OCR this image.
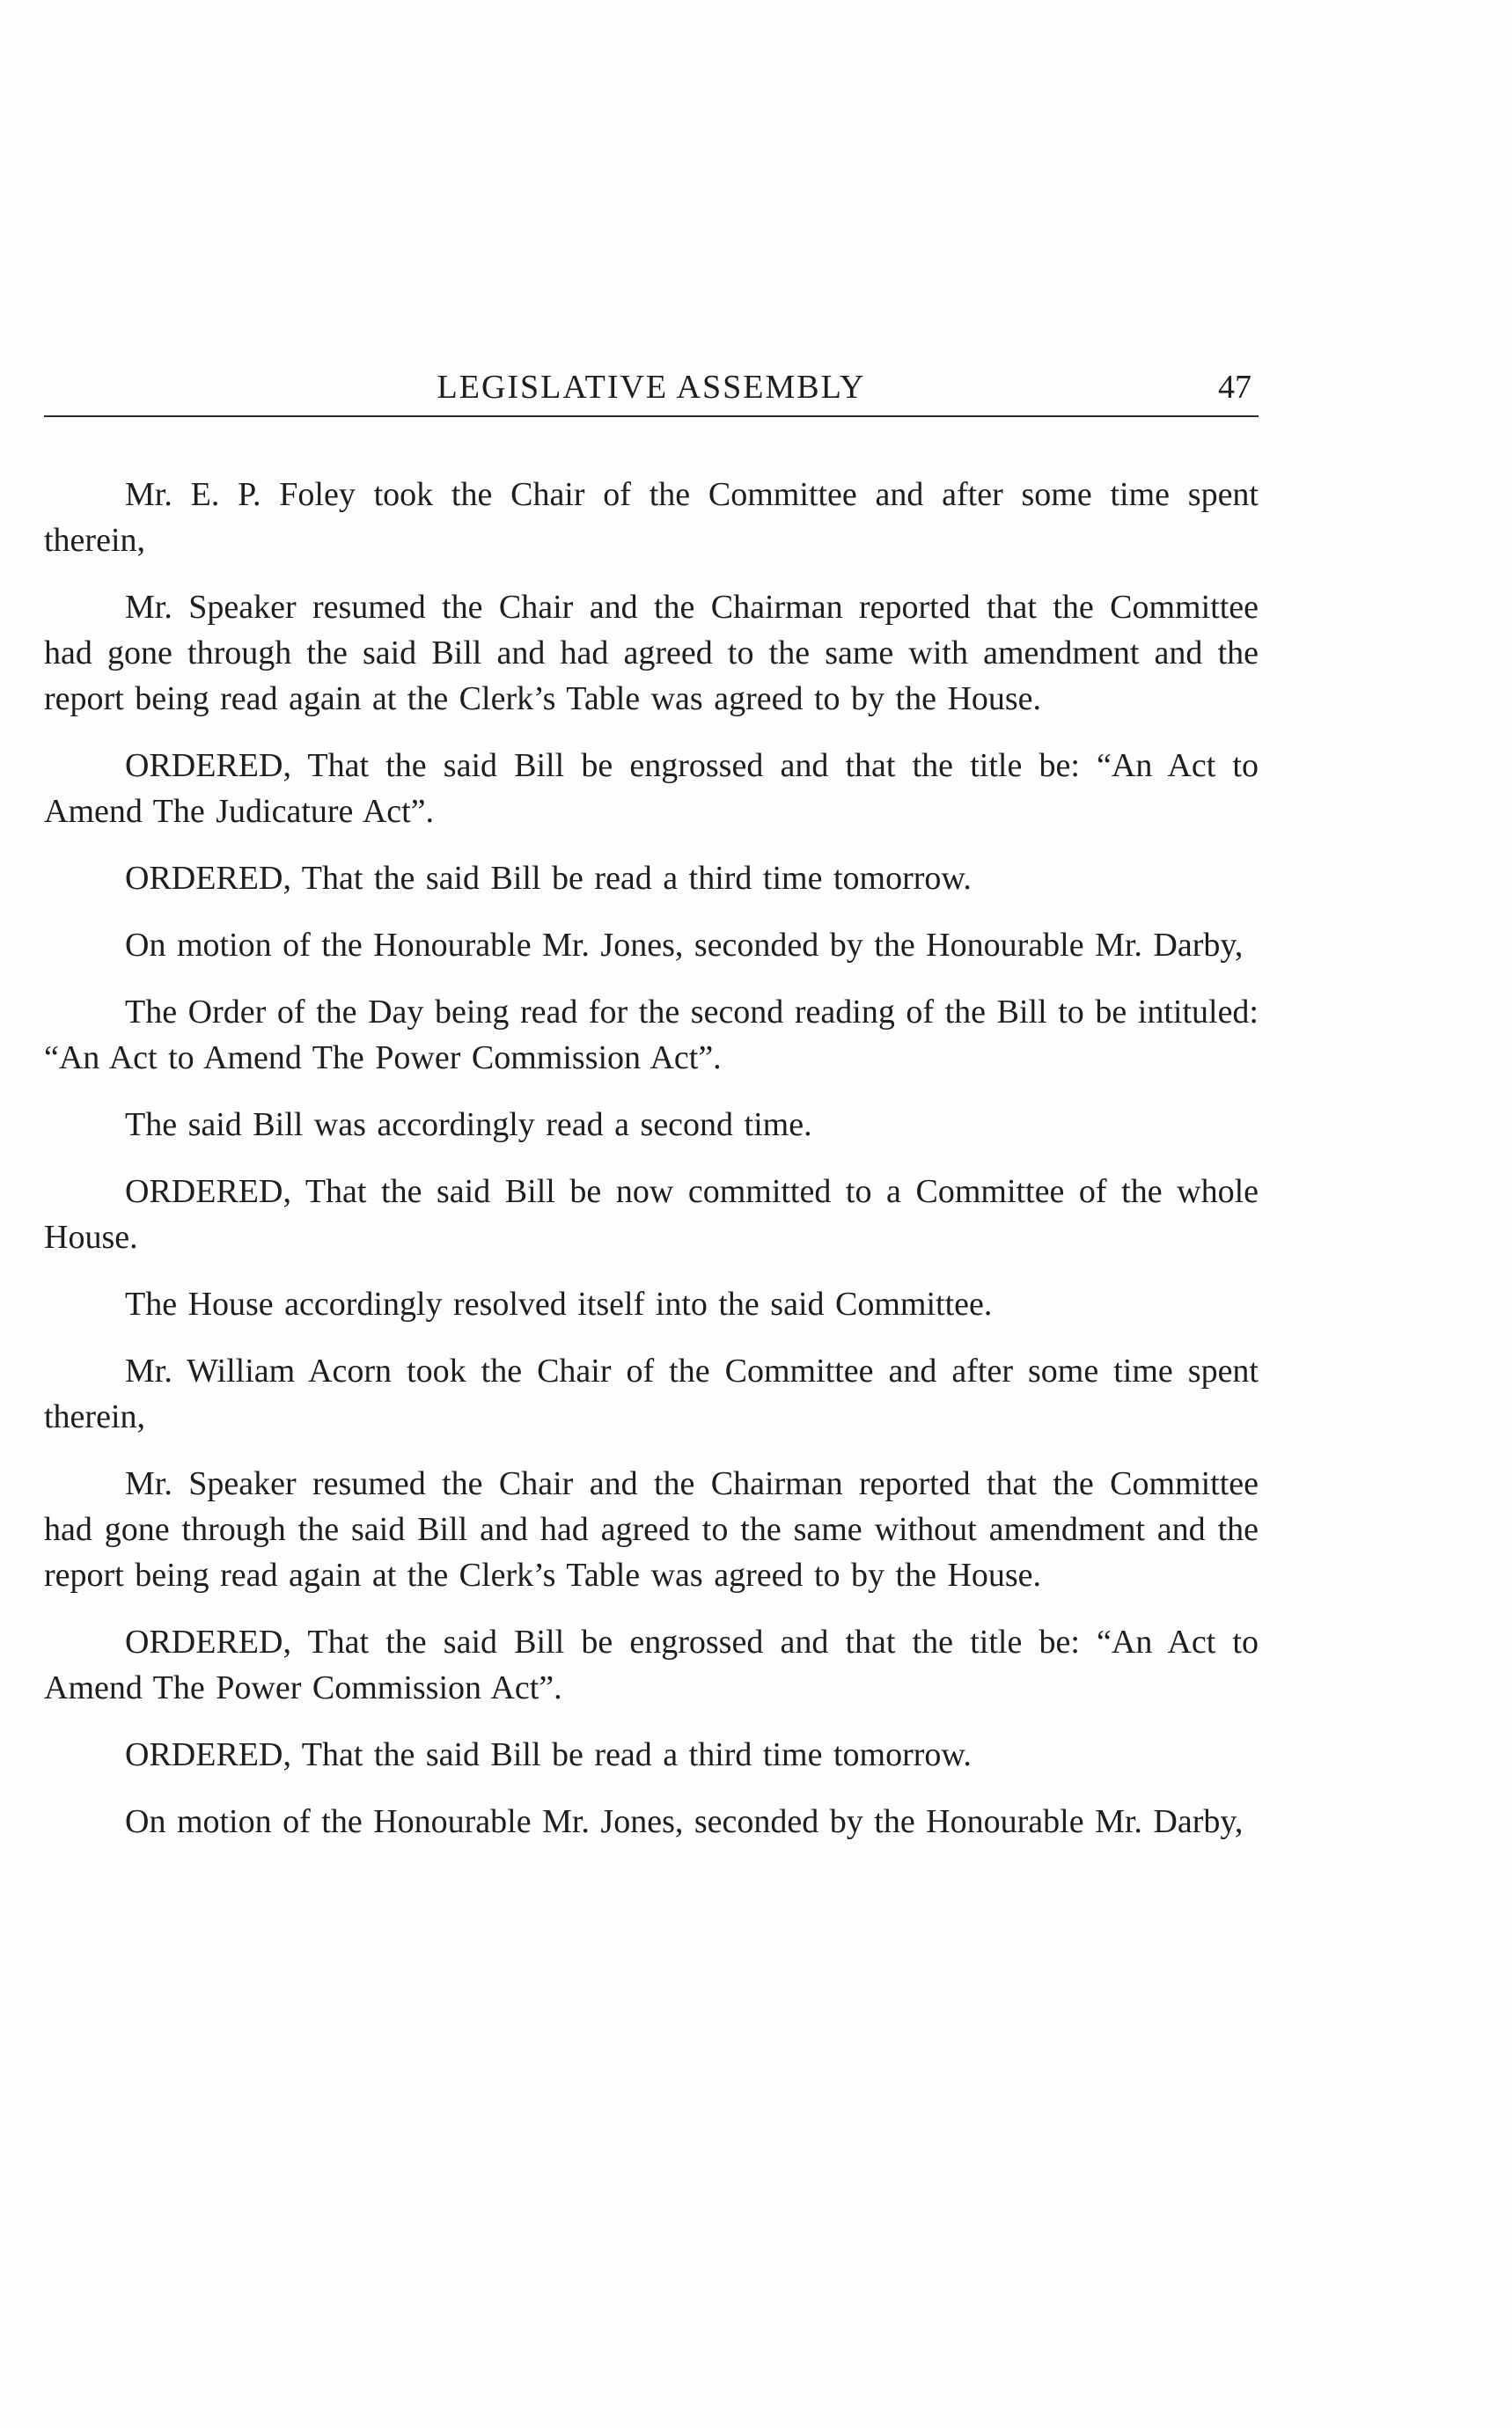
LEGISLATIVE ASSEMBLY	47

Mr. E. P. Foley took the Chair of the Committee and after some time spent therein,

Mr. Speaker resumed the Chair and the Chairman reported that the Committee had gone through the said Bill and had agreed to the same with amendment and the report being read again at the Clerk’s Table was agreed to by the House.

ORDERED, That the said Bill be engrossed and that the title be: “An Act to Amend The Judicature Act”.

ORDERED, That the said Bill be read a third time tomorrow.

On motion of the Honourable Mr. Jones, seconded by the Honourable Mr. Darby,

The Order of the Day being read for the second reading of the Bill to be intituled: “An Act to Amend The Power Commission Act”.

The said Bill was accordingly read a second time.

ORDERED, That the said Bill be now committed to a Committee of the whole House.

The House accordingly resolved itself into the said Committee.

Mr. William Acorn took the Chair of the Committee and after some time spent therein,

Mr. Speaker resumed the Chair and the Chairman reported that the Committee had gone through the said Bill and had agreed to the same without amendment and the report being read again at the Clerk’s Table was agreed to by the House.

ORDERED, That the said Bill be engrossed and that the title be: “An Act to Amend The Power Commission Act”.

ORDERED, That the said Bill be read a third time tomorrow.

On motion of the Honourable Mr. Jones, seconded by the Honourable Mr. Darby,
